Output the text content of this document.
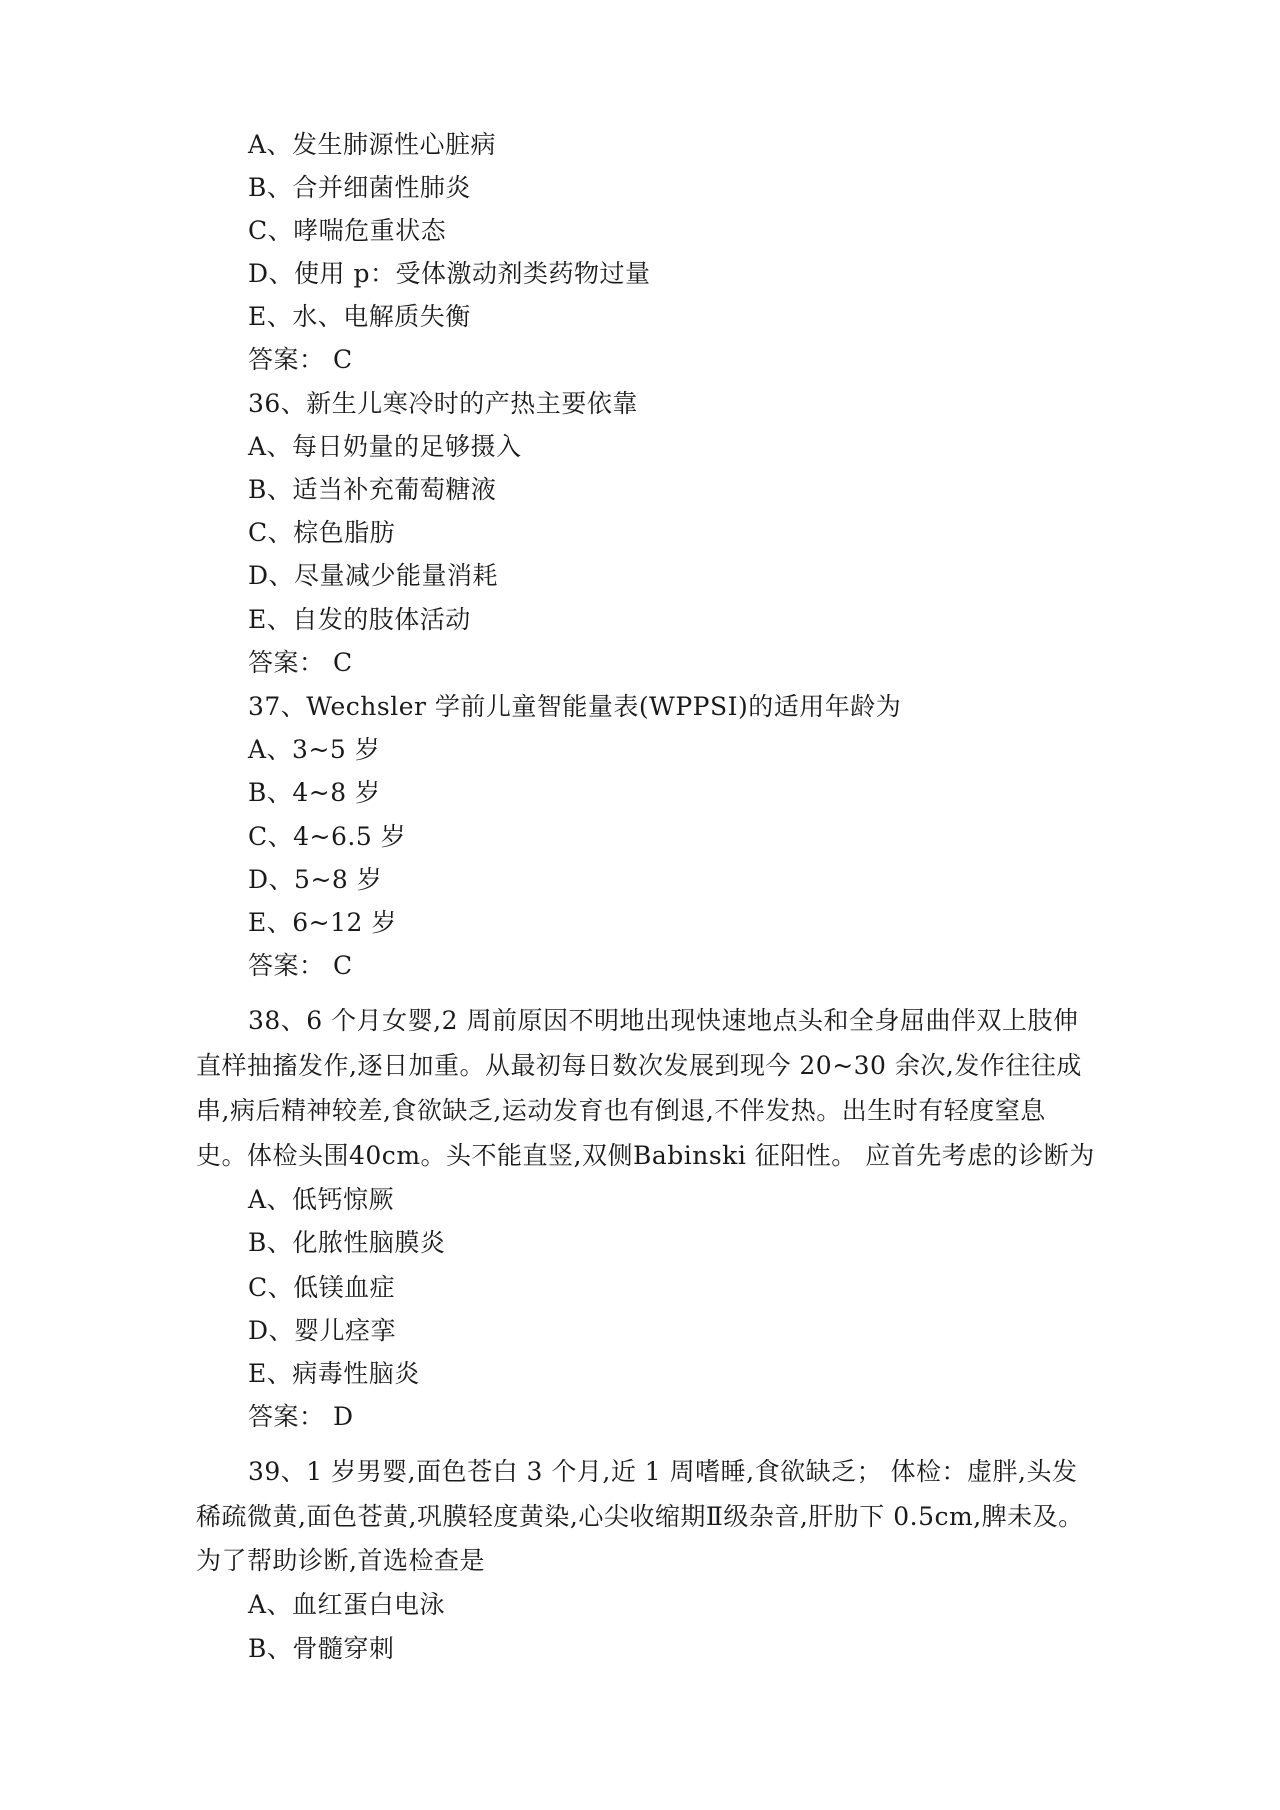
A、发生肺源性心脏病
B、合并细菌性肺炎
C、哮喘危重状态
D、使用 p：受体激动剂类药物过量
E、水、电解质失衡
答案： C
36、新生儿寒冷时的产热主要依靠
A、每日奶量的足够摄入
B、适当补充葡萄糖液
C、棕色脂肪
D、尽量减少能量消耗
E、自发的肢体活动
答案： C
37、Wechsler 学前儿童智能量表(WPPSI)的适用年龄为
A、3~5 岁
B、4~8 岁
C、4~6.5 岁
D、5~8 岁
E、6~12 岁
答案： C
38、6 个月女婴,2 周前原因不明地出现快速地点头和全身屈曲伴双上肢伸
直样抽搐发作,逐日加重。从最初每日数次发展到现今 20~30 余次,发作往往成
串,病后精神较差,食欲缺乏,运动发育也有倒退,不伴发热。出生时有轻度窒息
史。体检头围40cm。头不能直竖,双侧Babinski 征阳性。 应首先考虑的诊断为
A、低钙惊厥
B、化脓性脑膜炎
C、低镁血症
D、婴儿痉挛
E、病毒性脑炎
答案： D
39、1 岁男婴,面色苍白 3 个月,近 1 周嗜睡,食欲缺乏； 体检：虚胖,头发
稀疏微黄,面色苍黄,巩膜轻度黄染,心尖收缩期Ⅱ级杂音,肝肋下 0.5cm,脾未及。
为了帮助诊断,首选检查是
A、血红蛋白电泳
B、骨髓穿刺
